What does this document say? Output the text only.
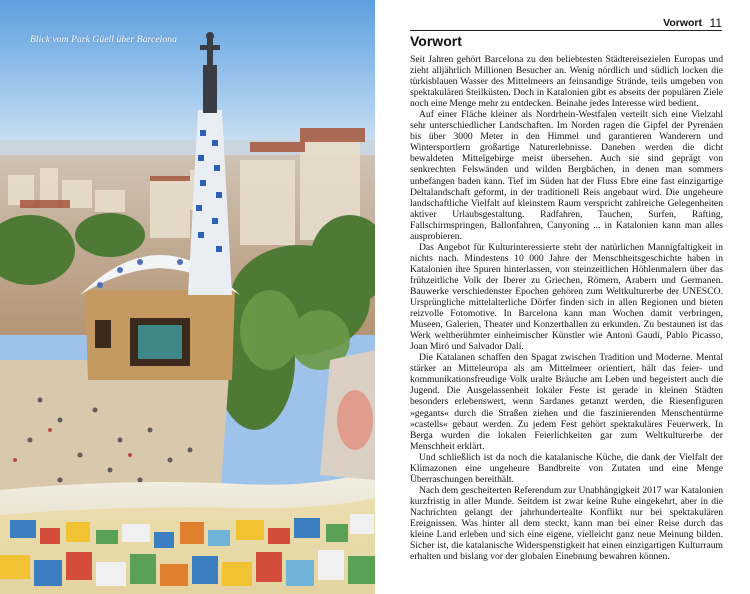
Blick vom Park Güell über Barcelona
Vorwort 11
Vorwort

Seit Jahren gehört Barcelona zu den beliebtesten Städtereisezielen Europas und zieht alljährlich Millionen Besucher an. Wenig nördlich und südlich locken die türkisblauen Wasser des Mittelmeers an feinsandige Strände, teils umgeben von spektakulären Steilküsten. Doch in Katalonien gibt es abseits der populären Ziele noch eine Menge mehr zu entdecken. Beinahe jedes Interesse wird bedient.

Auf einer Fläche kleiner als Nordrhein-Westfalen verteilt sich eine Vielzahl sehr unterschiedlicher Landschaften. Im Norden ragen die Gipfel der Pyrenäen bis über 3000 Meter in den Himmel und garantieren Wanderern und Wintersportlern großartige Naturerlebnisse. Daneben werden die dicht bewaldeten Mittelgebirge meist übersehen. Auch sie sind geprägt von senkrechten Felswänden und wilden Bergbächen, in denen man sommers unbefangen baden kann. Tief im Süden hat der Fluss Ebre eine fast einzigartige Deltalandschaft geformt, in der traditionell Reis angebaut wird. Die ungeheure landschaftliche Vielfalt auf kleinstem Raum verspricht zahlreiche Gelegenheiten aktiver Urlaubsgestaltung. Radfahren, Tauchen, Surfen, Rafting, Fallschirmspringen, Ballonfahren, Canyoning ... in Katalonien kann man alles ausprobieren.

Das Angebot für Kulturinteressierte steht der natürlichen Mannigfaltigkeit in nichts nach. Mindestens 10 000 Jahre der Menschheitsgeschichte haben in Katalonien ihre Spuren hinterlassen, von steinzeitlichen Höhlenmalern über das frühzeitliche Volk der Iberer zu Griechen, Römern, Arabern und Germanen. Bauwerke verschiedenster Epochen gehören zum Weltkulturerbe der UNESCO. Ursprüngliche mittelalterliche Dörfer finden sich in allen Regionen und bieten reizvolle Fotomotive. In Barcelona kann man Wochen damit verbringen, Museen, Galerien, Theater und Konzerthallen zu erkunden. Zu bestaunen ist das Werk weltberühmter einheimischer Künstler wie Antoni Gaudí, Pablo Picasso, Joan Miró und Salvador Dalí.

Die Katalanen schaffen den Spagat zwischen Tradition und Moderne. Mental stärker an Mitteleuropa als am Mittelmeer orientiert, hält das feier- und kommunikationsfreudige Volk uralte Bräuche am Leben und begeistert auch die Jugend. Die Ausgelassenheit lokaler Feste ist gerade in kleinen Städten besonders erlebenswert, wenn Sardanes getanzt werden, die Riesenfiguren »gegants« durch die Straßen ziehen und die faszinierenden Menschentürme »castells« gebaut werden. Zu jedem Fest gehört spektakuläres Feuerwerk. In Berga wurden die lokalen Feierlichkeiten gar zum Weltkulturerbe der Menschheit erklärt.

Und schließlich ist da noch die katalanische Küche, die dank der Vielfalt der Klimazonen eine ungeheure Bandbreite von Zutaten und eine Menge Überraschungen bereithält.

Nach dem gescheiterten Referendum zur Unabhängigkeit 2017 war Katalonien kurzfristig in aller Munde. Seitdem ist zwar keine Ruhe eingekehrt, aber in die Nachrichten gelangt der jahrhundertealte Konflikt nur bei spektakulären Ereignissen. Was hinter all dem steckt, kann man bei einer Reise durch das kleine Land erleben und sich eine eigene, vielleicht ganz neue Meinung bilden. Sicher ist, die katalanische Widerspenstigkeit hat einen einzigartigen Kulturraum erhalten und bislang vor der globalen Einebnung bewahren können.
